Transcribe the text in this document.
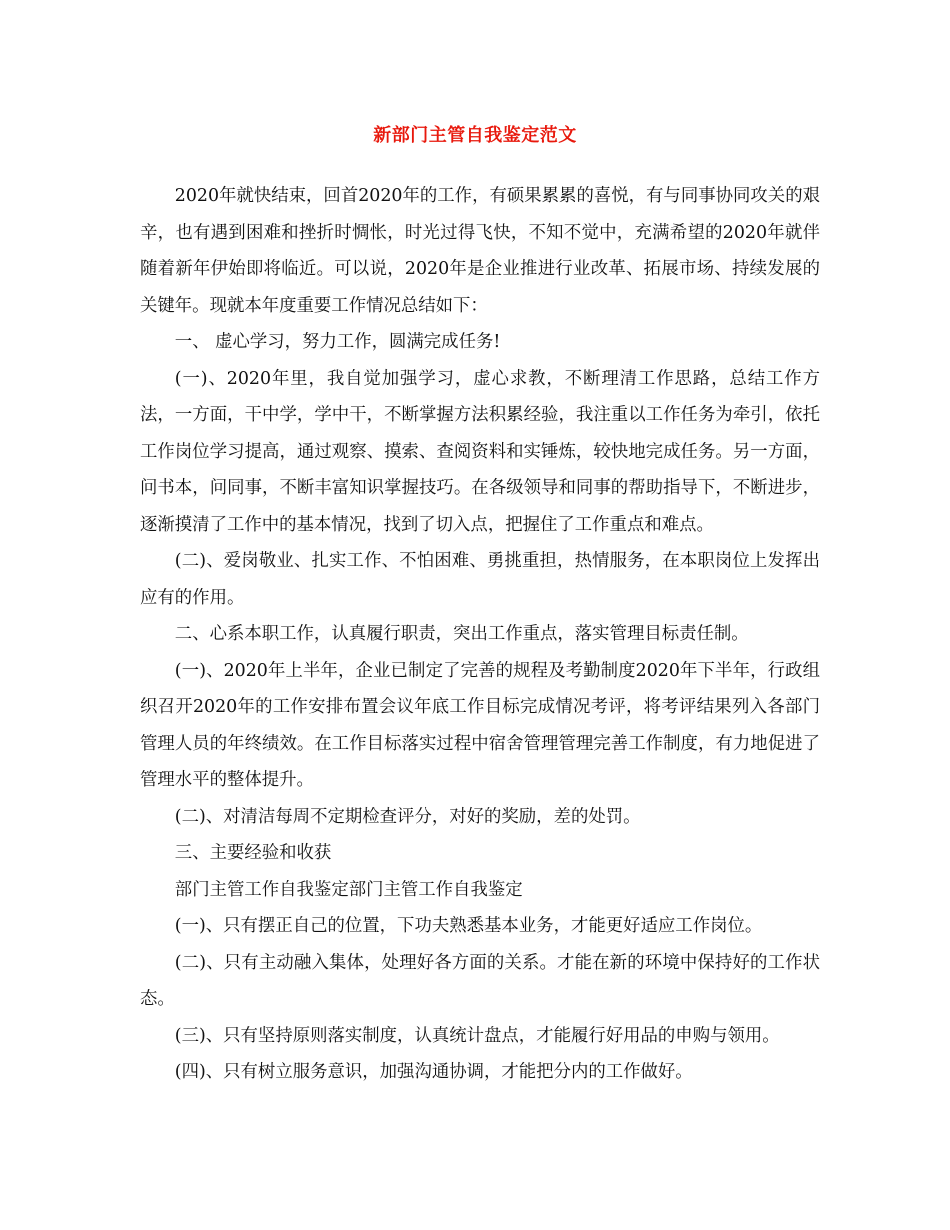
新部门主管自我鉴定范文

2020年就快结束，回首2020年的工作，有硕果累累的喜悦，有与同事协同攻关的艰辛，也有遇到困难和挫折时惆怅，时光过得飞快，不知不觉中，充满希望的2020年就伴随着新年伊始即将临近。可以说，2020年是企业推进行业改革、拓展市场、持续发展的关键年。现就本年度重要工作情况总结如下：

一、 虚心学习，努力工作，圆满完成任务!

(一)、2020年里，我自觉加强学习，虚心求教，不断理清工作思路，总结工作方法，一方面，干中学，学中干，不断掌握方法积累经验，我注重以工作任务为牵引，依托工作岗位学习提高，通过观察、摸索、查阅资料和实锤炼，较快地完成任务。另一方面，问书本，问同事，不断丰富知识掌握技巧。在各级领导和同事的帮助指导下，不断进步，逐渐摸清了工作中的基本情况，找到了切入点，把握住了工作重点和难点。

(二)、爱岗敬业、扎实工作、不怕困难、勇挑重担，热情服务，在本职岗位上发挥出应有的作用。

二、心系本职工作，认真履行职责，突出工作重点，落实管理目标责任制。

(一)、2020年上半年，企业已制定了完善的规程及考勤制度2020年下半年，行政组织召开2020年的工作安排布置会议年底工作目标完成情况考评，将考评结果列入各部门管理人员的年终绩效。在工作目标落实过程中宿舍管理管理完善工作制度，有力地促进了管理水平的整体提升。

(二)、对清洁每周不定期检查评分，对好的奖励，差的处罚。

三、主要经验和收获

部门主管工作自我鉴定部门主管工作自我鉴定

(一)、只有摆正自己的位置，下功夫熟悉基本业务，才能更好适应工作岗位。

(二)、只有主动融入集体，处理好各方面的关系。才能在新的环境中保持好的工作状态。

(三)、只有坚持原则落实制度，认真统计盘点，才能履行好用品的申购与领用。

(四)、只有树立服务意识，加强沟通协调，才能把分内的工作做好。
